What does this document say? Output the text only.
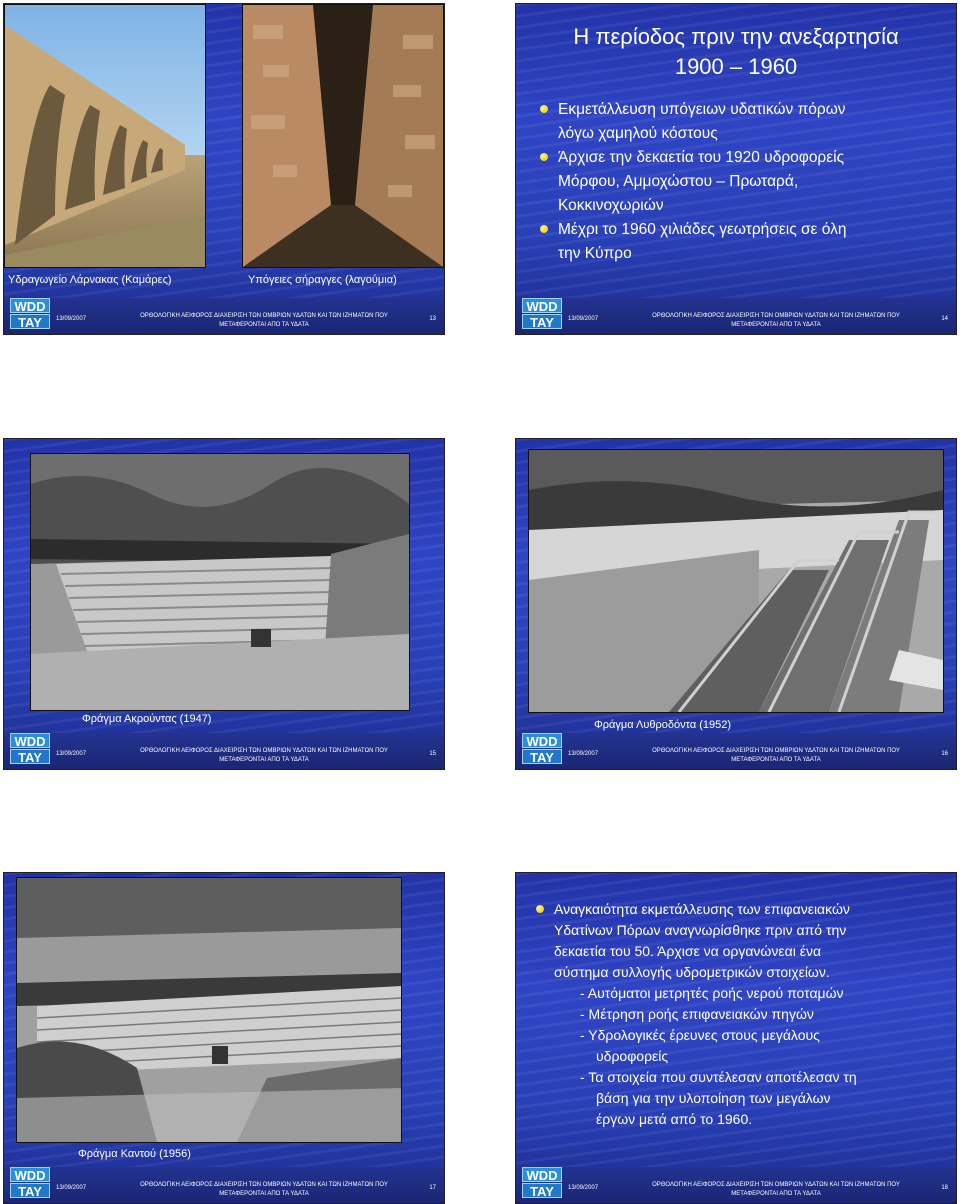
Υδραγωγείο Λάρνακας (Καμάρες)	Υπόγειες σήραγγες (λαγούμια)
WDD
TAY	13/09/2007	ΟΡΘΟΛΟΓΙΚΗ ΑΕΙΦΟΡΟΣ ΔΙΑΧΕΙΡΙΣΗ ΤΩΝ ΟΜΒΡΙΩΝ ΥΔΑΤΩΝ ΚΑΙ ΤΩΝ ΙΖΗΜΑΤΩΝ ΠΟΥ
ΜΕΤΑΦΕΡΟΝΤΑΙ ΑΠΟ ΤΑ ΥΔΑΤΑ
13
Η περίοδος πριν την ανεξαρτησία
1900 – 1960
Εκμετάλλευση υπόγειων υδατικών πόρων
λόγω χαμηλού κόστους
Άρχισε την δεκαετία του 1920 υδροφορείς
Μόρφου, Αμμοχώστου – Πρωταρά,
Κοκκινοχωριών
Μέχρι το 1960 χιλιάδες γεωτρήσεις σε όλη
την Κύπρο
WDD
TAY	13/09/2007	ΟΡΘΟΛΟΓΙΚΗ ΑΕΙΦΟΡΟΣ ΔΙΑΧΕΙΡΙΣΗ ΤΩΝ ΟΜΒΡΙΩΝ ΥΔΑΤΩΝ ΚΑΙ ΤΩΝ ΙΖΗΜΑΤΩΝ ΠΟΥ
ΜΕΤΑΦΕΡΟΝΤΑΙ ΑΠΟ ΤΑ ΥΔΑΤΑ
14
Φράγμα Ακρούντας (1947)
WDD
TAY	13/09/2007	ΟΡΘΟΛΟΓΙΚΗ ΑΕΙΦΟΡΟΣ ΔΙΑΧΕΙΡΙΣΗ ΤΩΝ ΟΜΒΡΙΩΝ ΥΔΑΤΩΝ ΚΑΙ ΤΩΝ ΙΖΗΜΑΤΩΝ ΠΟΥ
ΜΕΤΑΦΕΡΟΝΤΑΙ ΑΠΟ ΤΑ ΥΔΑΤΑ
15
Φράγμα Λυθροδόντα (1952)
WDD
TAY	13/09/2007	ΟΡΘΟΛΟΓΙΚΗ ΑΕΙΦΟΡΟΣ ΔΙΑΧΕΙΡΙΣΗ ΤΩΝ ΟΜΒΡΙΩΝ ΥΔΑΤΩΝ ΚΑΙ ΤΩΝ ΙΖΗΜΑΤΩΝ ΠΟΥ
ΜΕΤΑΦΕΡΟΝΤΑΙ ΑΠΟ ΤΑ ΥΔΑΤΑ
16
Φράγμα Καντού (1956)
WDD
TAY	13/09/2007	ΟΡΘΟΛΟΓΙΚΗ ΑΕΙΦΟΡΟΣ ΔΙΑΧΕΙΡΙΣΗ ΤΩΝ ΟΜΒΡΙΩΝ ΥΔΑΤΩΝ ΚΑΙ ΤΩΝ ΙΖΗΜΑΤΩΝ ΠΟΥ
ΜΕΤΑΦΕΡΟΝΤΑΙ ΑΠΟ ΤΑ ΥΔΑΤΑ
17
Αναγκαιότητα εκμετάλλευσης των επιφανειακών
Υδατίνων Πόρων αναγνωρίσθηκε πριν από την
δεκαετία του 50. Άρχισε να οργανώνεαι ένα
σύστημα συλλογής υδρομετρικών στοιχείων.
- Αυτόματοι μετρητές ροής νερού ποταμών
- Μέτρηση ροής επιφανειακών πηγών
- Υδρολογικές έρευνες στους μεγάλους
υδροφορείς
- Τα στοιχεία που συντέλεσαν αποτέλεσαν τη
βάση για την υλοποίηση των μεγάλων
έργων μετά από το 1960.
WDD
TAY	13/09/2007	ΟΡΘΟΛΟΓΙΚΗ ΑΕΙΦΟΡΟΣ ΔΙΑΧΕΙΡΙΣΗ ΤΩΝ ΟΜΒΡΙΩΝ ΥΔΑΤΩΝ ΚΑΙ ΤΩΝ ΙΖΗΜΑΤΩΝ ΠΟΥ
ΜΕΤΑΦΕΡΟΝΤΑΙ ΑΠΟ ΤΑ ΥΔΑΤΑ
18
